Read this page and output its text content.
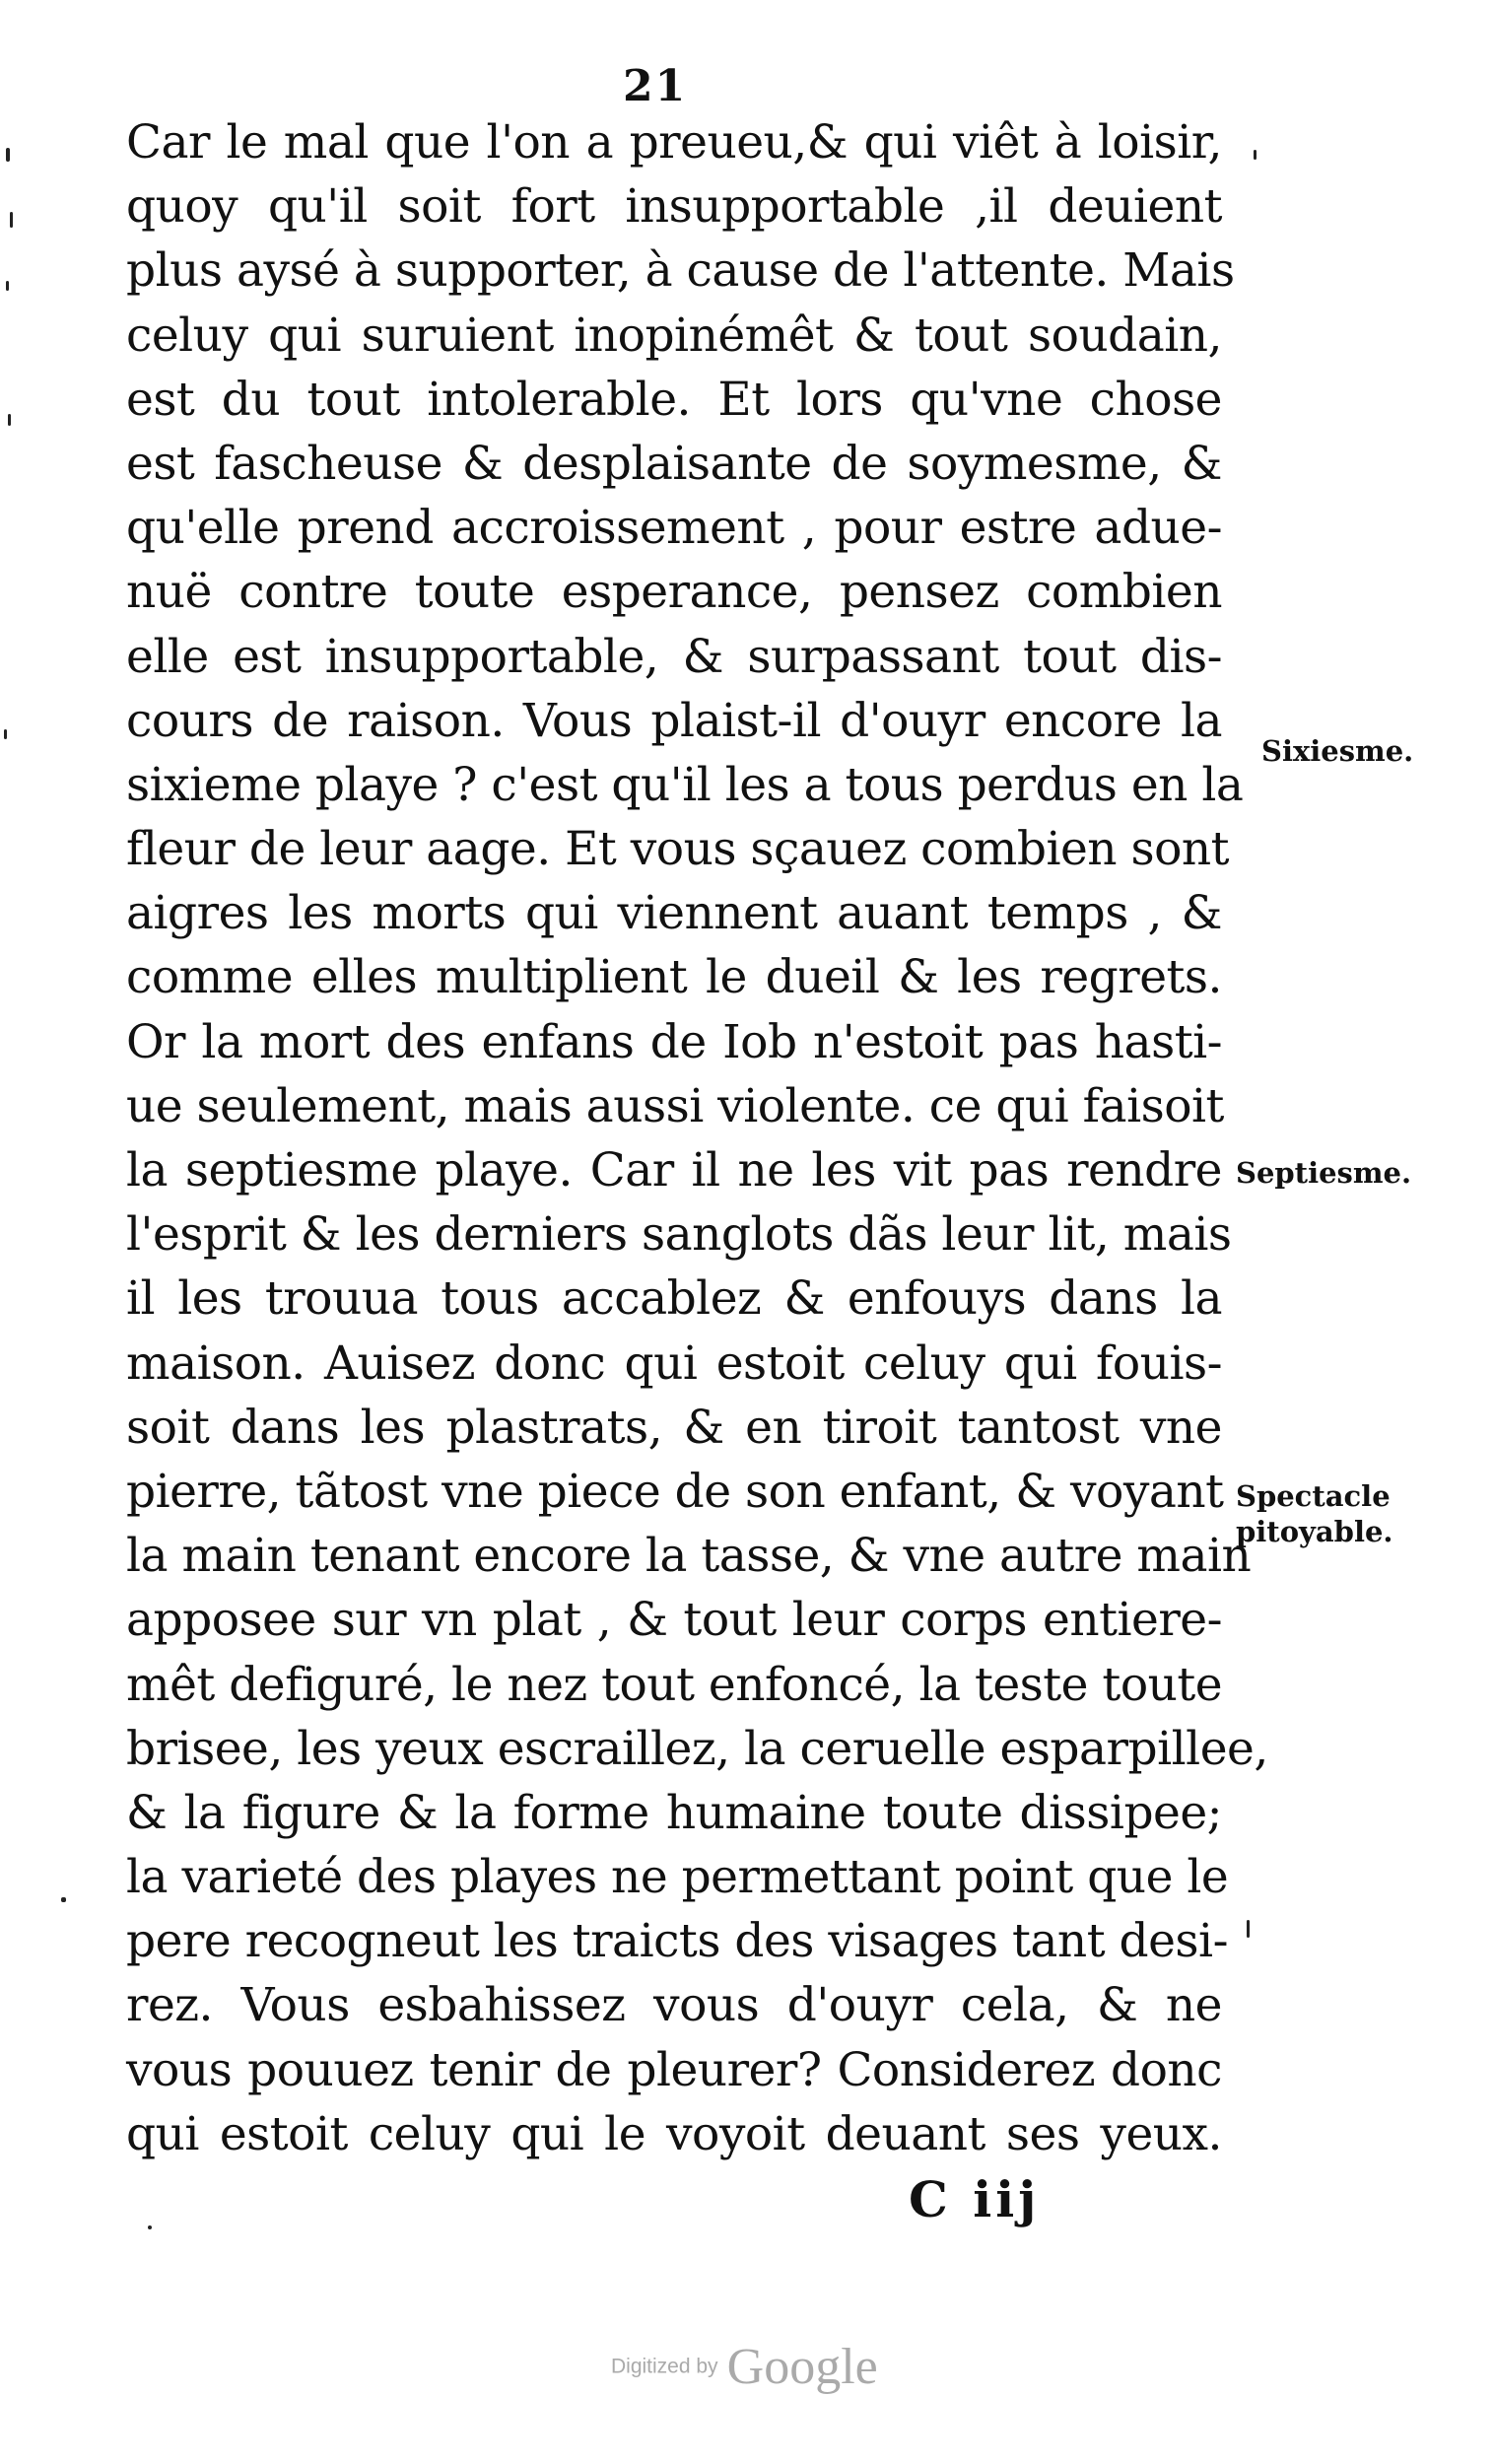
21
Car le mal que l'on a preueu,& qui viêt à loisir,
quoy qu'il soit fort insupportable ,il deuient
plus aysé à supporter, à cause de l'attente. Mais
celuy qui suruient inopinémêt & tout soudain,
est du tout intolerable. Et lors qu'vne chose
est fascheuse & desplaisante de soymesme, &
qu'elle prend accroissement , pour estre adue-
nuë contre toute esperance, pensez combien
elle est insupportable, & surpassant tout dis-
cours de raison. Vous plaist-il d'ouyr encore la
sixieme playe ? c'est qu'il les a tous perdus en la
fleur de leur aage. Et vous sçauez combien sont
aigres les morts qui viennent auant temps , &
comme elles multiplient le dueil & les regrets.
Or la mort des enfans de Iob n'estoit pas hasti-
ue seulement, mais aussi violente. ce qui faisoit
la septiesme playe. Car il ne les vit pas rendre
l'esprit & les derniers sanglots dãs leur lit, mais
il les trouua tous accablez & enfouys dans la
maison. Auisez donc qui estoit celuy qui fouis-
soit dans les plastrats, & en tiroit tantost vne
pierre, tãtost vne piece de son enfant, & voyant
la main tenant encore la tasse, & vne autre main
apposee sur vn plat , & tout leur corps entiere-
mêt defiguré, le nez tout enfoncé, la teste toute
brisee, les yeux escraillez, la ceruelle esparpillee,
& la figure & la forme humaine toute dissipee;
la varieté des playes ne permettant point que le
pere recogneut les traicts des visages tant desi-
rez. Vous esbahissez vous d'ouyr cela, & ne
vous pouuez tenir de pleurer? Considerez donc
qui estoit celuy qui le voyoit deuant ses yeux.
Sixiesme.
Septiesme.
Spectacle pitoyable.
C iij
Digitized by Google
